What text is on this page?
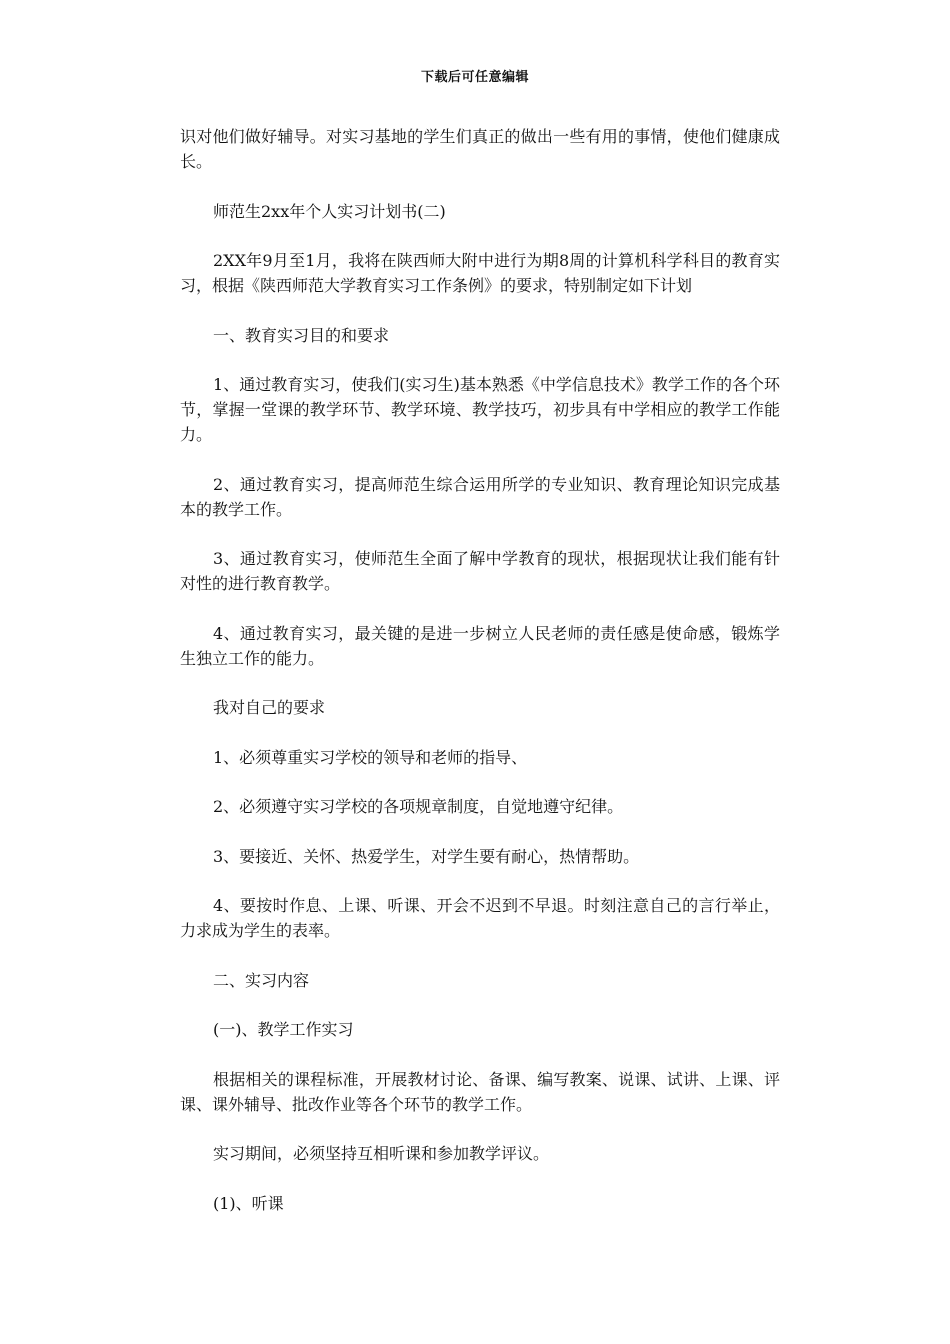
下载后可任意编辑

识对他们做好辅导。对实习基地的学生们真正的做出一些有用的事情，使他们健康成长。

师范生2xx年个人实习计划书(二)

2XX年9月至1月，我将在陕西师大附中进行为期8周的计算机科学科目的教育实习，根据《陕西师范大学教育实习工作条例》的要求，特别制定如下计划

一、教育实习目的和要求

1、通过教育实习，使我们(实习生)基本熟悉《中学信息技术》教学工作的各个环节，掌握一堂课的教学环节、教学环境、教学技巧，初步具有中学相应的教学工作能力。

2、通过教育实习，提高师范生综合运用所学的专业知识、教育理论知识完成基本的教学工作。

3、通过教育实习，使师范生全面了解中学教育的现状，根据现状让我们能有针对性的进行教育教学。

4、通过教育实习，最关键的是进一步树立人民老师的责任感是使命感，锻炼学生独立工作的能力。

我对自己的要求

1、必须尊重实习学校的领导和老师的指导、

2、必须遵守实习学校的各项规章制度，自觉地遵守纪律。

3、要接近、关怀、热爱学生，对学生要有耐心，热情帮助。

4、要按时作息、上课、听课、开会不迟到不早退。时刻注意自己的言行举止，力求成为学生的表率。

二、实习内容

(一)、教学工作实习

根据相关的课程标准，开展教材讨论、备课、编写教案、说课、试讲、上课、评课、课外辅导、批改作业等各个环节的教学工作。

实习期间，必须坚持互相听课和参加教学评议。

(1)、听课
